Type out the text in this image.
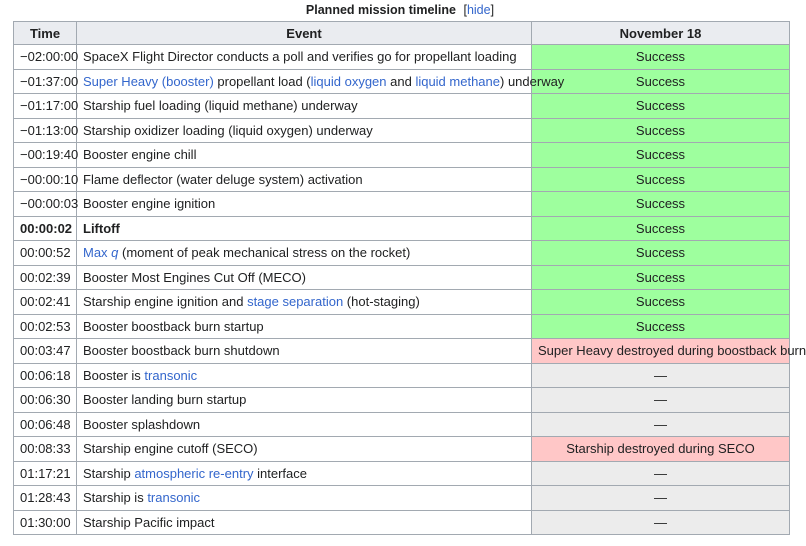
Planned mission timeline [hide]
Time	Event	November 18
−02:00:00	SpaceX Flight Director conducts a poll and verifies go for propellant loading	Success
−01:37:00	Super Heavy (booster) propellant load (liquid oxygen and liquid methane) underway	Success
−01:17:00	Starship fuel loading (liquid methane) underway	Success
−01:13:00	Starship oxidizer loading (liquid oxygen) underway	Success
−00:19:40	Booster engine chill	Success
−00:00:10	Flame deflector (water deluge system) activation	Success
−00:00:03	Booster engine ignition	Success
00:00:02	Liftoff	Success
00:00:52	Max q (moment of peak mechanical stress on the rocket)	Success
00:02:39	Booster Most Engines Cut Off (MECO)	Success
00:02:41	Starship engine ignition and stage separation (hot-staging)	Success
00:02:53	Booster boostback burn startup	Success
00:03:47	Booster boostback burn shutdown	Super Heavy destroyed during boostback burn
00:06:18	Booster is transonic	—
00:06:30	Booster landing burn startup	—
00:06:48	Booster splashdown	—
00:08:33	Starship engine cutoff (SECO)	Starship destroyed during SECO
01:17:21	Starship atmospheric re-entry interface	—
01:28:43	Starship is transonic	—
01:30:00	Starship Pacific impact	—
